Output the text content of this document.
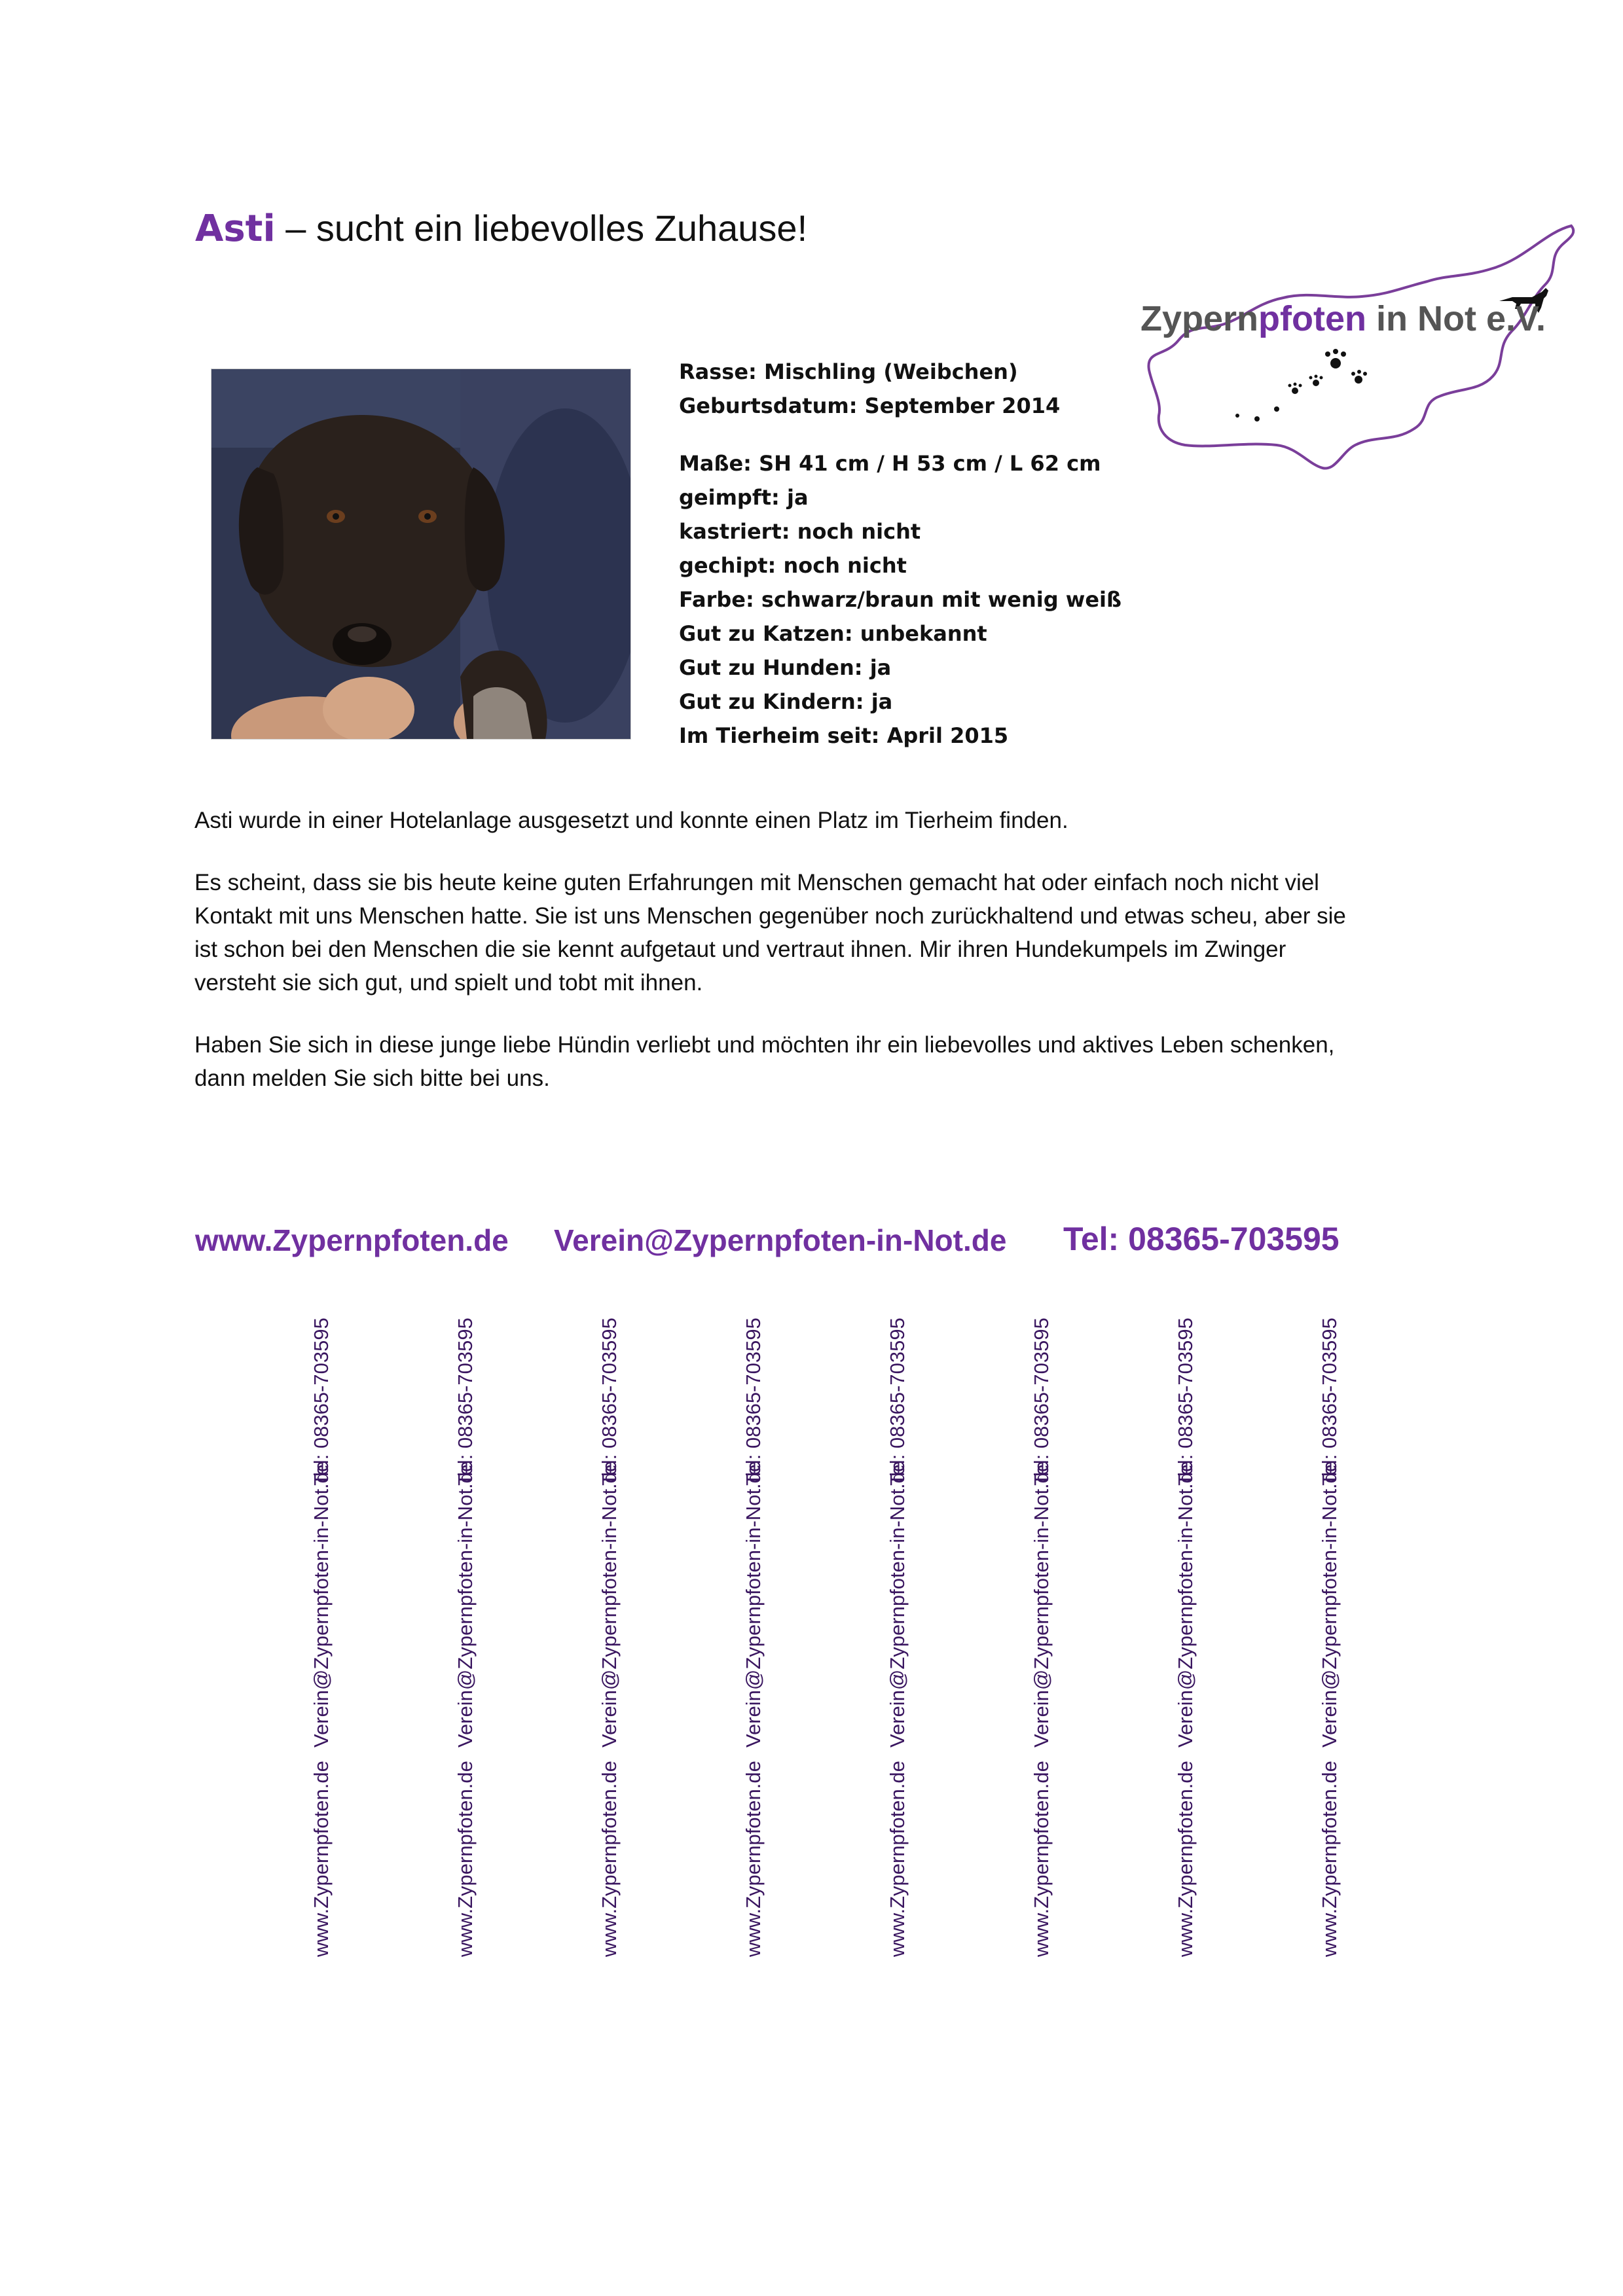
Asti – sucht ein liebevolles Zuhause!
Zypernpfoten in Not e.V.
Rasse: Mischling (Weibchen)
Geburtsdatum: September 2014
Maße: SH 41 cm / H 53 cm / L 62 cm
geimpft: ja
kastriert: noch nicht
gechipt: noch nicht
Farbe: schwarz/braun mit wenig weiß
Gut zu Katzen: unbekannt
Gut zu Hunden: ja
Gut zu Kindern: ja
Im Tierheim seit: April 2015

Asti wurde in einer Hotelanlage ausgesetzt und konnte einen Platz im Tierheim finden.

Es scheint, dass sie bis heute keine guten Erfahrungen mit Menschen gemacht hat oder einfach noch nicht viel
Kontakt mit uns Menschen hatte. Sie ist uns Menschen gegenüber noch zurückhaltend und etwas scheu, aber sie
ist schon bei den Menschen die sie kennt aufgetaut und vertraut ihnen. Mir ihren Hundekumpels im Zwinger
versteht sie sich gut, und spielt und tobt mit ihnen.

Haben Sie sich in diese junge liebe Hündin verliebt und möchten ihr ein liebevolles und aktives Leben schenken,
dann melden Sie sich bitte bei uns.

www.Zypernpfoten.de Verein@Zypernpfoten-in-Not.de Tel: 08365-703595
www.Zypernpfoten.de
Verein@Zypernpfoten-in-Not.de
Tel: 08365-703595
www.Zypernpfoten.de
Verein@Zypernpfoten-in-Not.de
Tel: 08365-703595
www.Zypernpfoten.de
Verein@Zypernpfoten-in-Not.de
Tel: 08365-703595
www.Zypernpfoten.de
Verein@Zypernpfoten-in-Not.de
Tel: 08365-703595
www.Zypernpfoten.de
Verein@Zypernpfoten-in-Not.de
Tel: 08365-703595
www.Zypernpfoten.de
Verein@Zypernpfoten-in-Not.de
Tel: 08365-703595
www.Zypernpfoten.de
Verein@Zypernpfoten-in-Not.de
Tel: 08365-703595
www.Zypernpfoten.de
Verein@Zypernpfoten-in-Not.de
Tel: 08365-703595
